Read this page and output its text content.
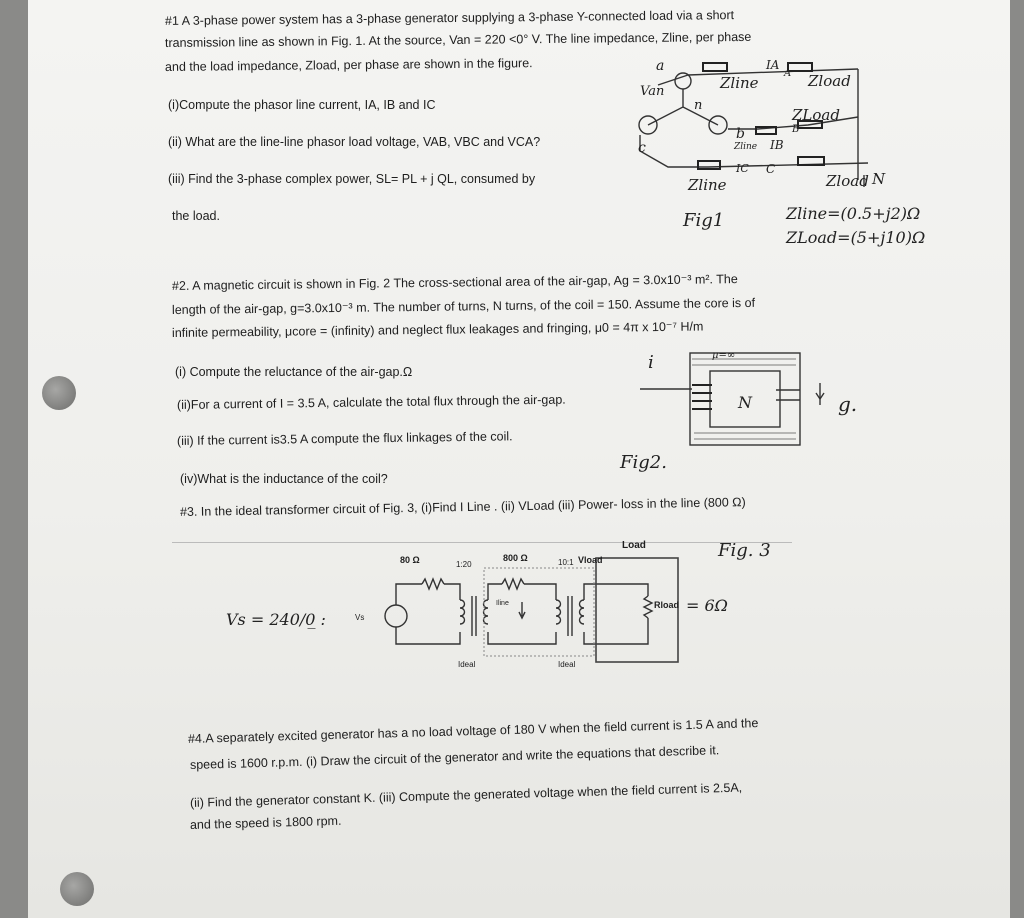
#1 A 3-phase power system has a 3-phase generator supplying a 3-phase Y-connected load via a short
transmission line as shown in Fig. 1. At the source, Van = 220 <0° V. The line impedance, Zline, per phase
and the load impedance, Zload, per phase are shown in the figure.
(i)Compute the phasor line current, IA, IB and IC
(ii) What are the line-line phasor load voltage, VAB, VBC and VCA?
(iii) Find the 3-phase complex power, SL= PL + j QL, consumed by
the load.
Van
a
n
b
c
IA
A
Zline	Zload
B
ZLoad
Zline IB
Zline
IC C
Zload N
Fig1	Zline=(0.5+j2)Ω
ZLoad=(5+j10)Ω
#2. A magnetic circuit is shown in Fig. 2 The cross-sectional area of the air-gap, Ag = 3.0x10⁻³ m². The
length of the air-gap, g=3.0x10⁻³ m. The number of turns, N turns, of the coil = 150. Assume the core is of
infinite permeability, μcore = (infinity) and neglect flux leakages and fringing, μ0 = 4π x 10⁻⁷ H/m
(i) Compute the reluctance of the air-gap.Ω
(ii)For a current of I = 3.5 A, calculate the total flux through the air-gap.
(iii) If the current is3.5 A compute the flux linkages of the coil.
(iv)What is the inductance of the coil?
i	μ=∞
N	g.
Fig2.
#3. In the ideal transformer circuit of Fig. 3, (i)Find I Line . (ii) VLoad (iii) Power- loss in the line (800 Ω)
80 Ω	1:20
800 Ω	10:1 Vload
Load
Iline	Rload = 6Ω
Vs = 240/0̲ :	Vs
Ideal	Ideal
Fig. 3
#4.A separately excited generator has a no load voltage of 180 V when the field current is 1.5 A and the
speed is 1600 r.p.m. (i) Draw the circuit of the generator and write the equations that describe it.
(ii) Find the generator constant K. (iii) Compute the generated voltage when the field current is 2.5A,
and the speed is 1800 rpm.
